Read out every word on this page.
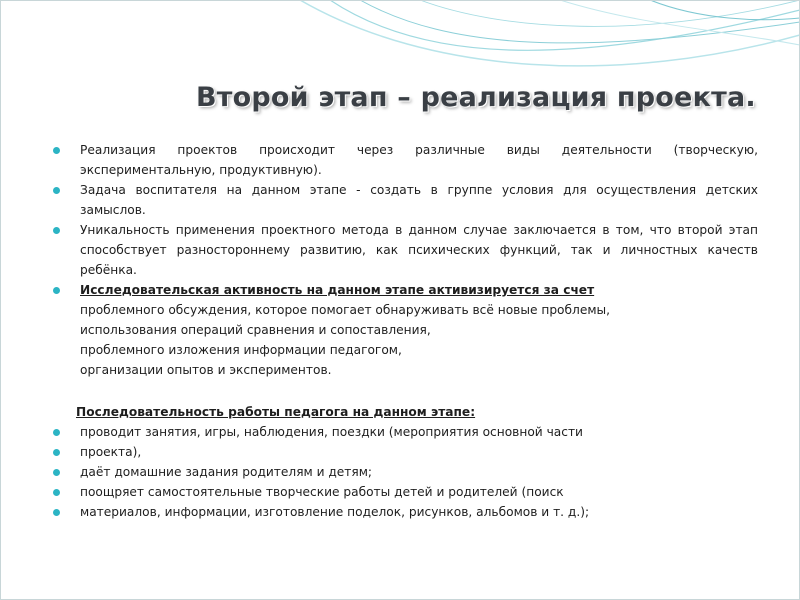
Второй этап – реализация проекта.
Реализация проектов происходит через различные виды деятельности (творческую, экспериментальную, продуктивную).
Задача воспитателя на данном этапе - создать в группе условия для осуществления детских замыслов.
Уникальность применения проектного метода в данном случае заключается в том, что второй этап способствует разностороннему развитию, как психических функций, так и личностных качеств ребёнка.
Исследовательская активность на данном этапе активизируется за счет
проблемного обсуждения, которое помогает обнаруживать всё новые проблемы,
использования операций сравнения и сопоставления,
проблемного изложения информации педагогом,
организации опытов и экспериментов.
Последовательность работы педагога на данном этапе:
проводит занятия, игры, наблюдения, поездки (мероприятия основной части
проекта),
даёт домашние задания родителям и детям;
поощряет самостоятельные творческие работы детей и родителей (поиск
материалов, информации, изготовление поделок, рисунков, альбомов и т. д.);
